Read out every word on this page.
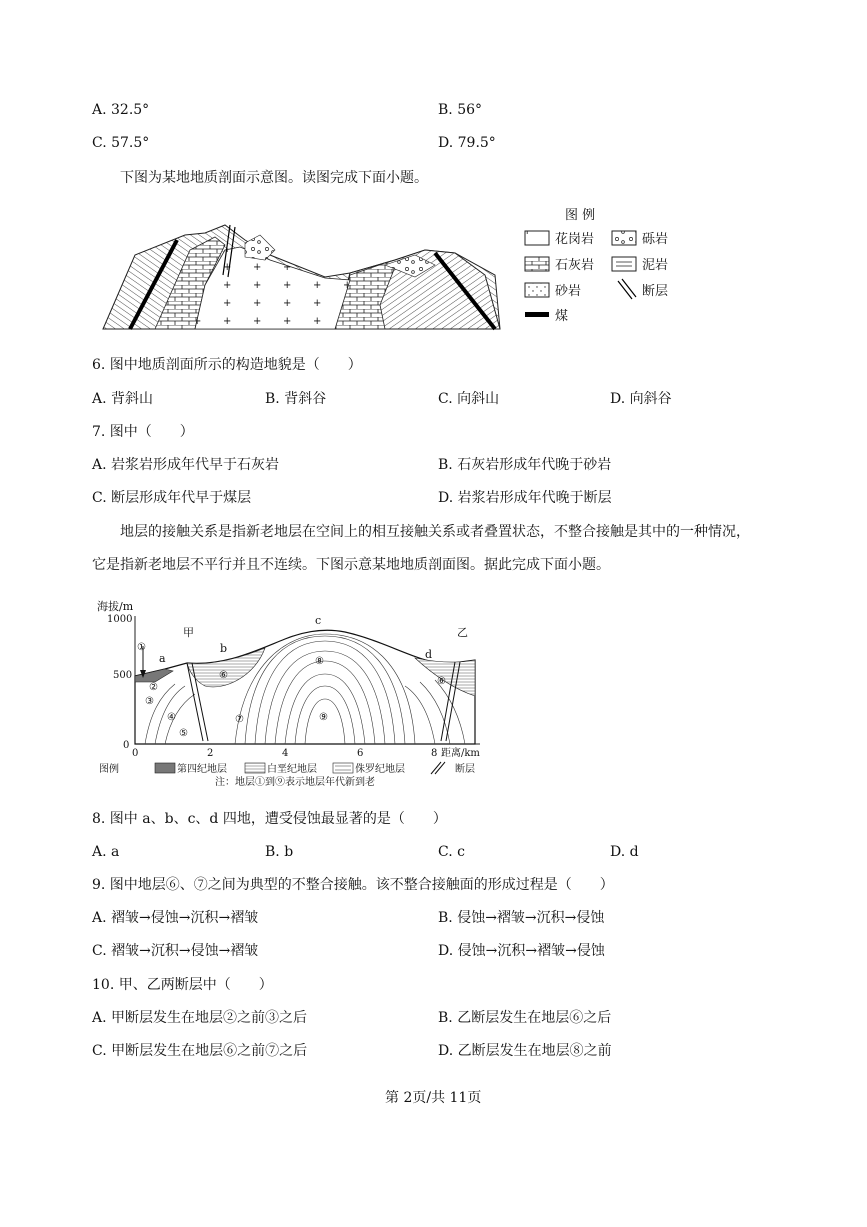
A. 32.5°	B. 56°
C. 57.5°	D. 79.5°
下图为某地地质剖面示意图。读图完成下面小题。
图 例
花岗岩	砾岩
石灰岩	泥岩
砂岩	断层
煤
6. 图中地质剖面所示的构造地貌是（　　）
A. 背斜山	B. 背斜谷	C. 向斜山	D. 向斜谷
7. 图中（　　）
A. 岩浆岩形成年代早于石灰岩	B. 石灰岩形成年代晚于砂岩
C. 断层形成年代早于煤层	D. 岩浆岩形成年代晚于断层
地层的接触关系是指新老地层在空间上的相互接触关系或者叠置状态，不整合接触是其中的一种情况，
它是指新老地层不平行并且不连续。下图示意某地地质剖面图。据此完成下面小题。
海拔/m
1000
500
0
0	2	4	6	8 距离/km
甲	乙
a
b
c
d
①
②
③
④
⑤
⑥
⑥
⑦
⑧
⑨
图例	第四纪地层	白垩纪地层	侏罗纪地层	断层
注：地层①到⑨表示地层年代新到老
8. 图中 a、b、c、d 四地，遭受侵蚀最显著的是（　　）
A. a	B. b	C. c	D. d
9. 图中地层⑥、⑦之间为典型的不整合接触。该不整合接触面的形成过程是（　　）
A. 褶皱→侵蚀→沉积→褶皱	B. 侵蚀→褶皱→沉积→侵蚀
C. 褶皱→沉积→侵蚀→褶皱	D. 侵蚀→沉积→褶皱→侵蚀
10. 甲、乙两断层中（　　）
A. 甲断层发生在地层②之前③之后	B. 乙断层发生在地层⑥之后
C. 甲断层发生在地层⑥之前⑦之后	D. 乙断层发生在地层⑧之前
第 2页/共 11页
